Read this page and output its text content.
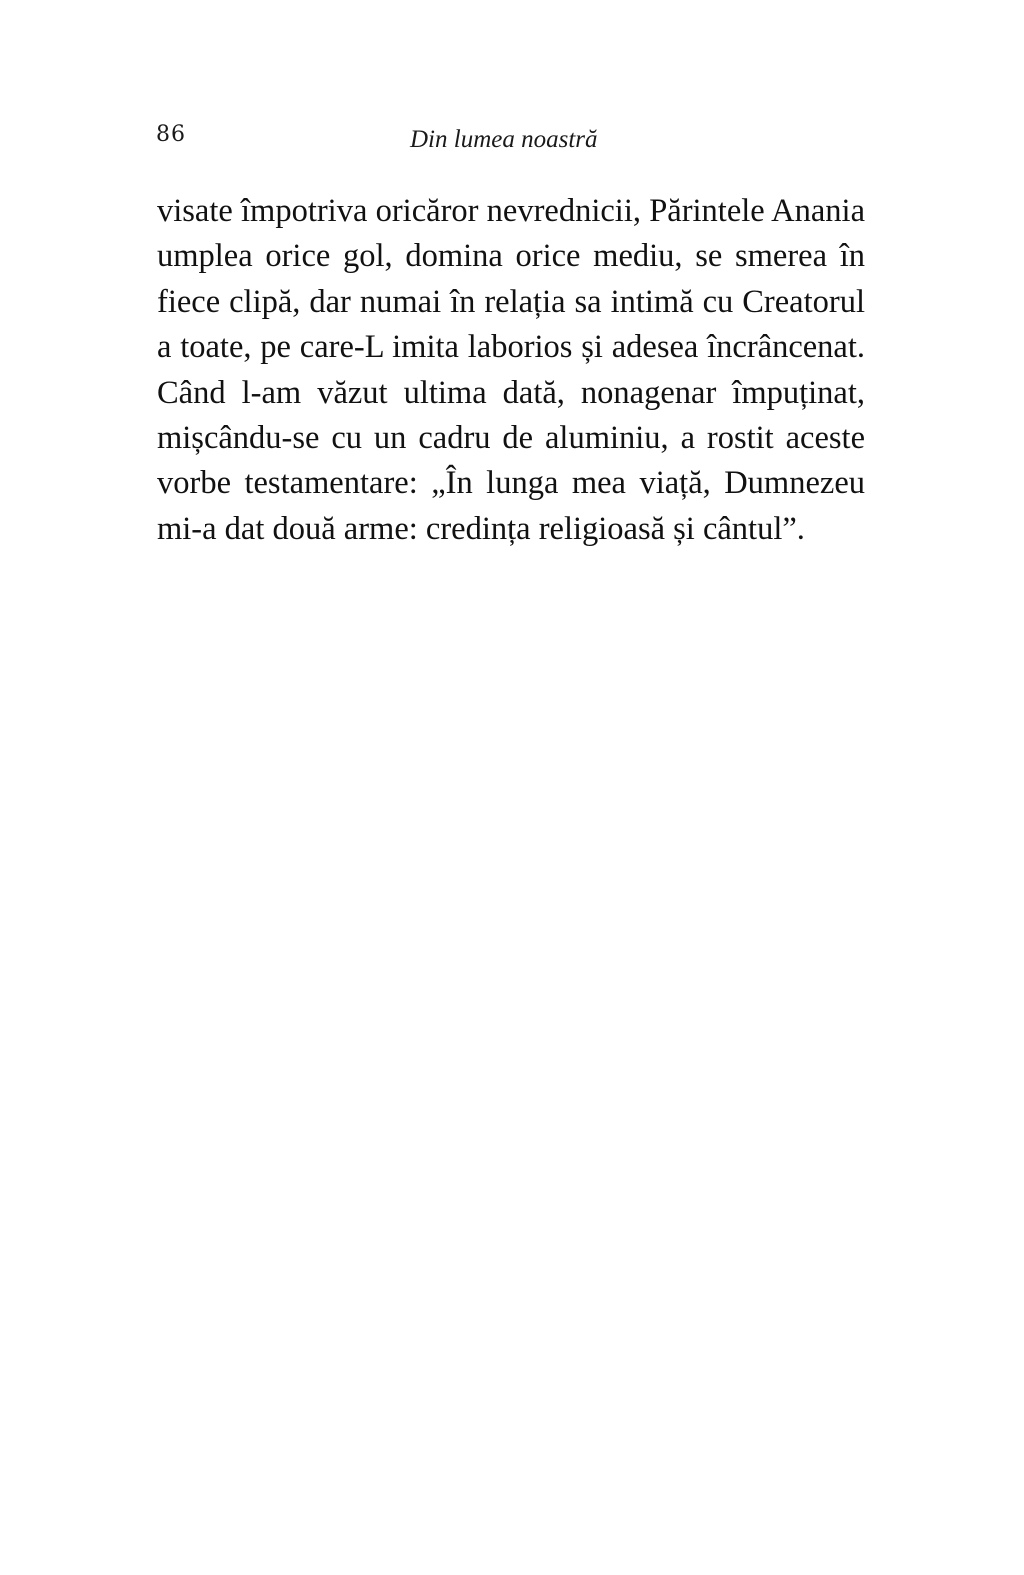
86	Din lumea noastră
visate împotriva oricăror nevrednicii, Părintele Anania
umplea orice gol, domina orice mediu, se smerea în
fiece clipă, dar numai în relația sa intimă cu Creatorul
a toate, pe care-L imita laborios și adesea încrâncenat.
Când l-am văzut ultima dată, nonagenar împuținat,
mișcându-se cu un cadru de aluminiu, a rostit aceste
vorbe testamentare: „În lunga mea viață, Dumnezeu
mi-a dat două arme: credința religioasă și cântul”.
